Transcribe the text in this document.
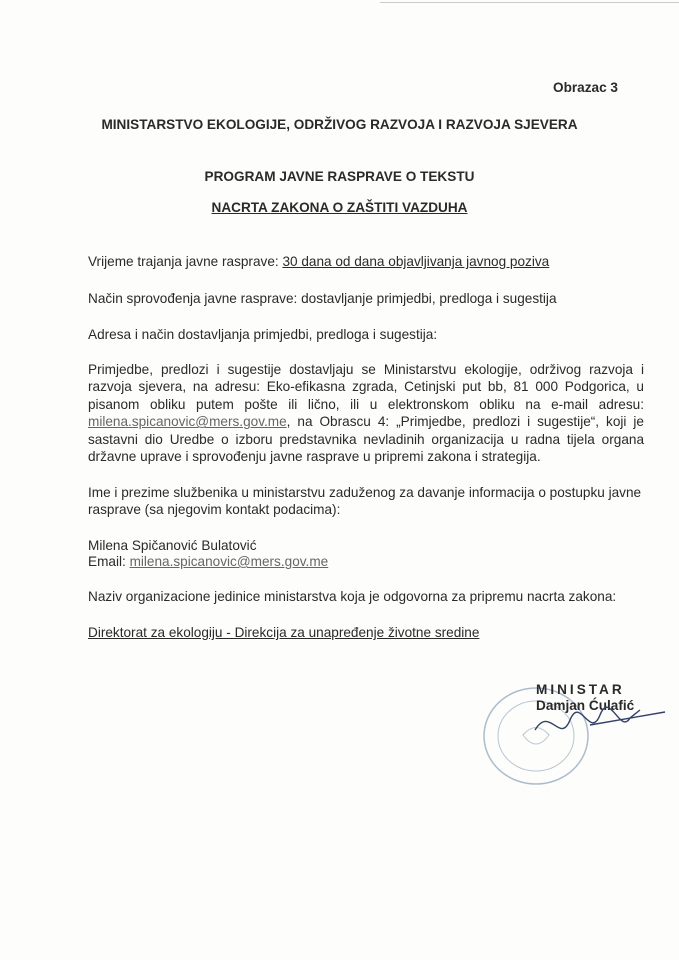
Obrazac 3
MINISTARSTVO EKOLOGIJE, ODRŽIVOG RAZVOJA I RAZVOJA SJEVERA
PROGRAM JAVNE RASPRAVE O TEKSTU
NACRTA ZAKONA O ZAŠTITI VAZDUHA
Vrijeme trajanja javne rasprave: 30 dana od dana objavljivanja javnog poziva
Način sprovođenja javne rasprave: dostavljanje primjedbi, predloga i sugestija
Adresa i način dostavljanja primjedbi, predloga i sugestija:
Primjedbe, predlozi i sugestije dostavljaju se Ministarstvu ekologije, održivog razvoja i razvoja sjevera, na adresu: Eko-efikasna zgrada, Cetinjski put bb, 81 000 Podgorica, u pisanom obliku putem pošte ili lično, ili u elektronskom obliku na e-mail adresu: milena.spicanovic@mers.gov.me, na Obrascu 4: „Primjedbe, predlozi i sugestije“, koji je sastavni dio Uredbe o izboru predstavnika nevladinih organizacija u radna tijela organa državne uprave i sprovođenju javne rasprave u pripremi zakona i strategija.
Ime i prezime službenika u ministarstvu zaduženog za davanje informacija o postupku javne rasprave (sa njegovim kontakt podacima):
Milena Spičanović Bulatović
Email: milena.spicanovic@mers.gov.me
Naziv organizacione jedinice ministarstva koja je odgovorna za pripremu nacrta zakona:
Direktorat za ekologiju - Direkcija za unapređenje životne sredine
MINISTAR
Damjan Ćulafić
